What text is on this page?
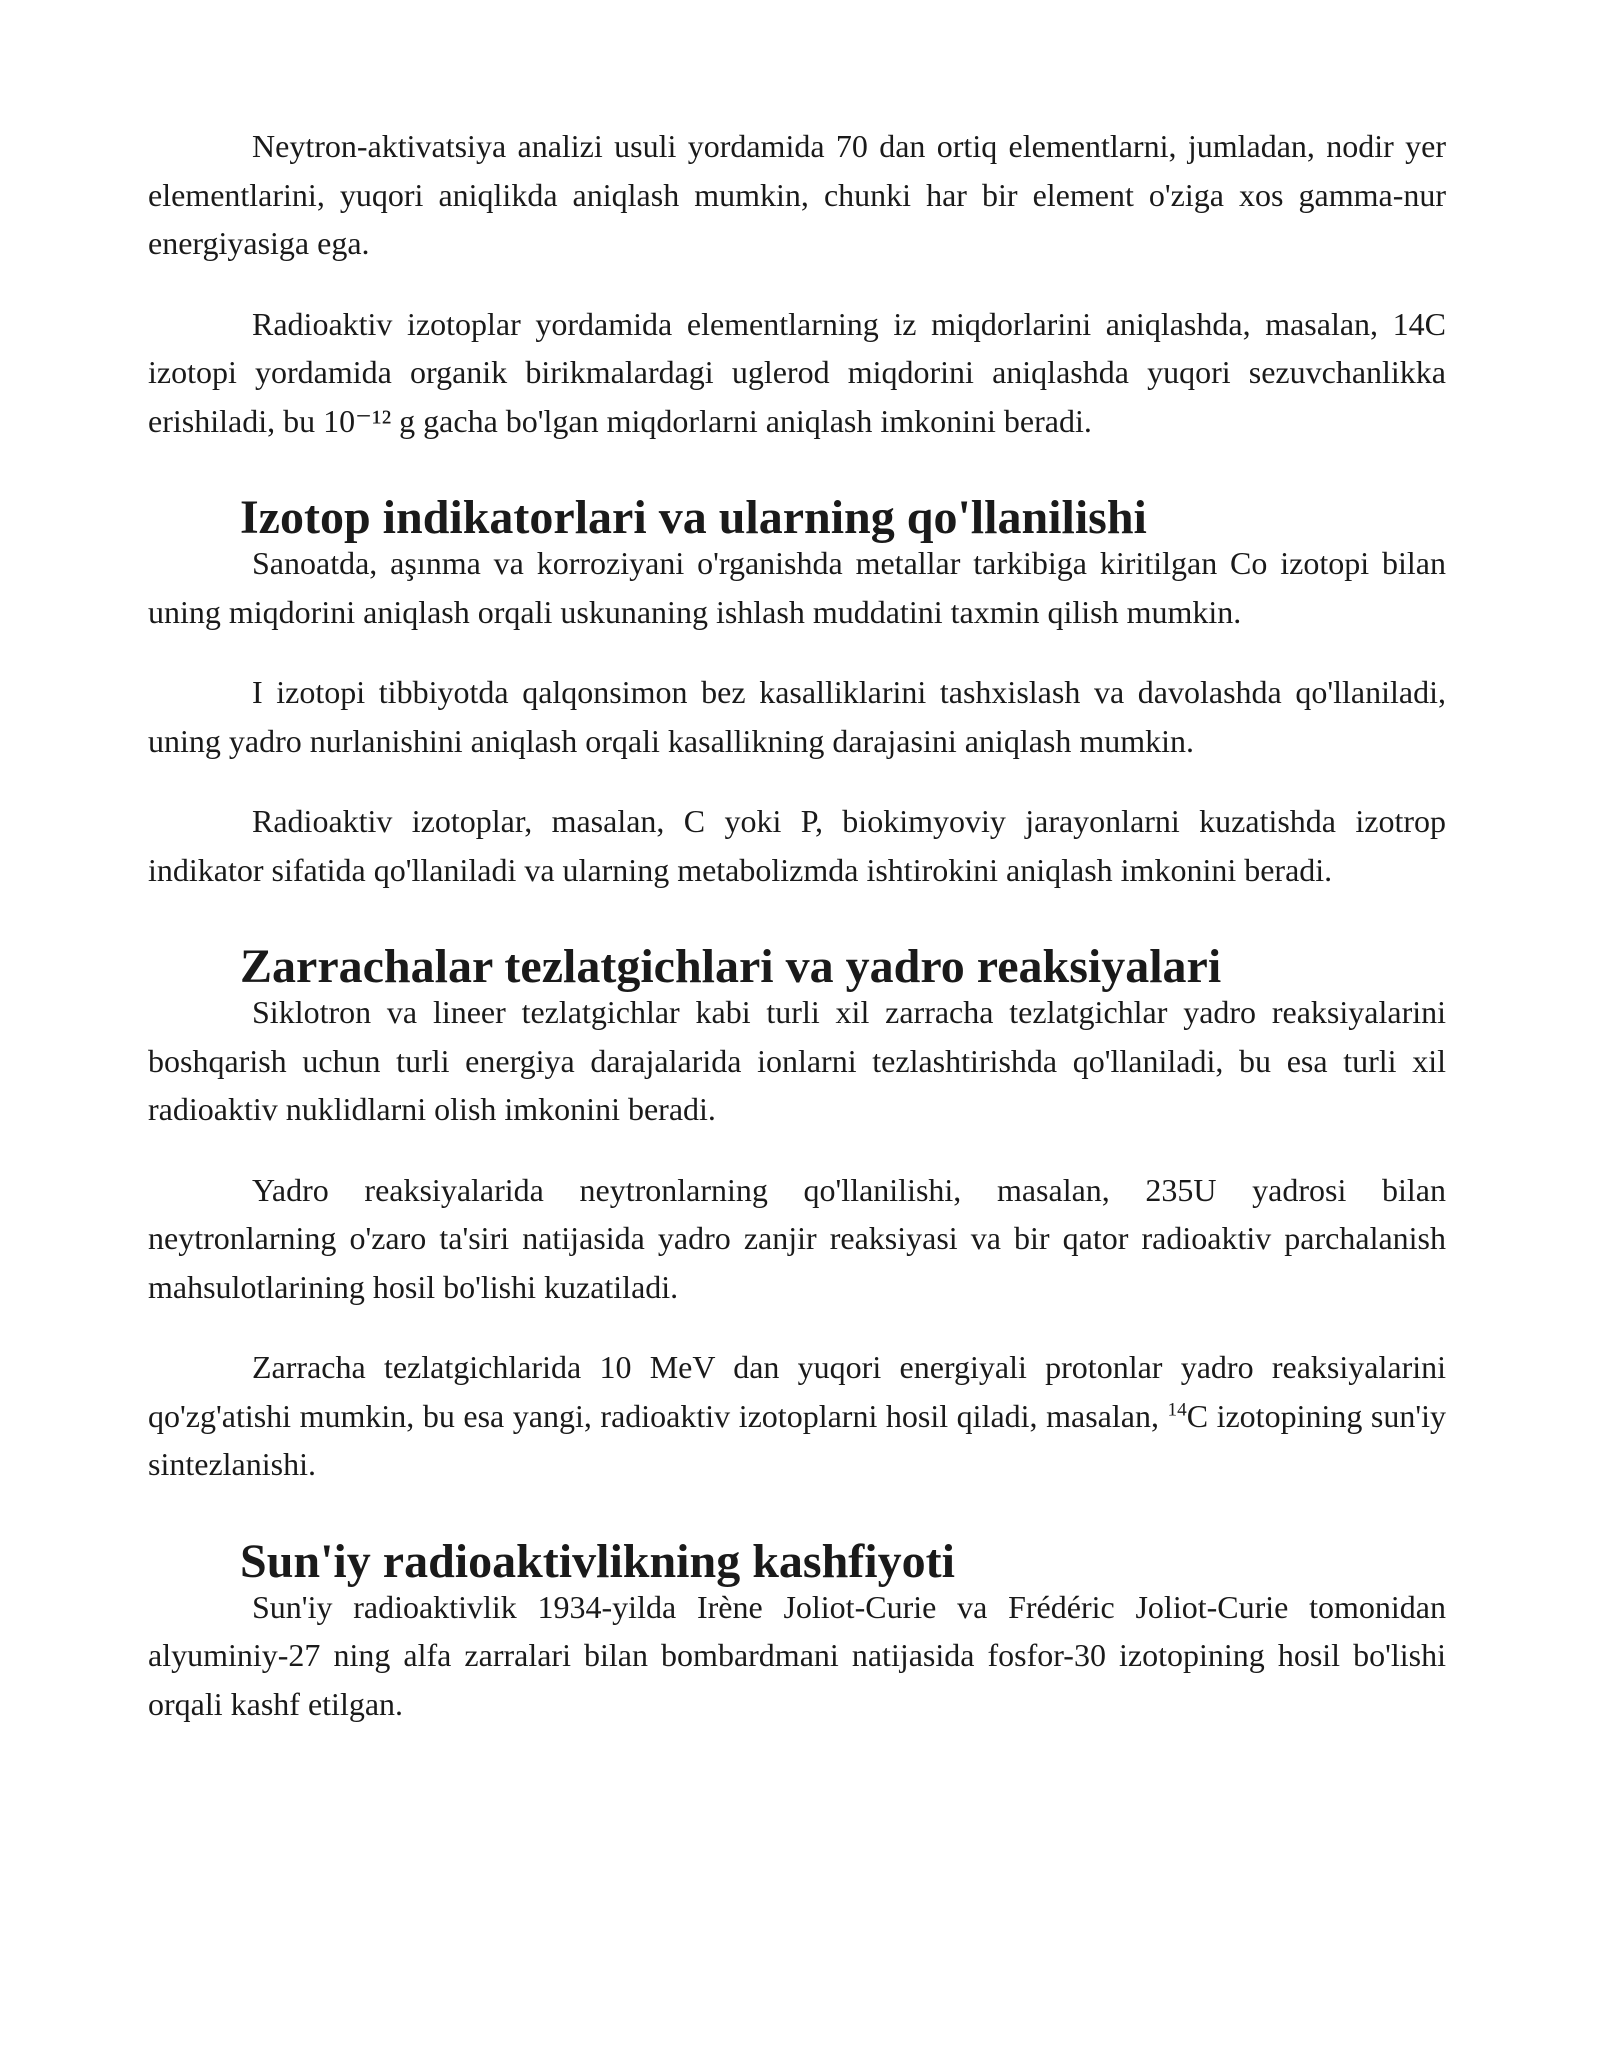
Neytron-aktivatsiya analizi usuli yordamida 70 dan ortiq elementlarni, jumladan, nodir yer elementlarini, yuqori aniqlikda aniqlash mumkin, chunki har bir element o'ziga xos gamma-nur energiyasiga ega.

Radioaktiv izotoplar yordamida elementlarning iz miqdorlarini aniqlashda, masalan, 14C izotopi yordamida organik birikmalardagi uglerod miqdorini aniqlashda yuqori sezuvchanlikka erishiladi, bu 10⁻¹² g gacha bo'lgan miqdorlarni aniqlash imkonini beradi.

Izotop indikatorlari va ularning qo'llanilishi

Sanoatda, aşınma va korroziyani o'rganishda metallar tarkibiga kiritilgan Co izotopi bilan uning miqdorini aniqlash orqali uskunaning ishlash muddatini taxmin qilish mumkin.

I izotopi tibbiyotda qalqonsimon bez kasalliklarini tashxislash va davolashda qo'llaniladi, uning yadro nurlanishini aniqlash orqali kasallikning darajasini aniqlash mumkin.

Radioaktiv izotoplar, masalan, C yoki P, biokimyoviy jarayonlarni kuzatishda izotrop indikator sifatida qo'llaniladi va ularning metabolizmda ishtirokini aniqlash imkonini beradi.

Zarrachalar tezlatgichlari va yadro reaksiyalari

Siklotron va lineer tezlatgichlar kabi turli xil zarracha tezlatgichlar yadro reaksiyalarini boshqarish uchun turli energiya darajalarida ionlarni tezlashtirishda qo'llaniladi, bu esa turli xil radioaktiv nuklidlarni olish imkonini beradi.

Yadro reaksiyalarida neytronlarning qo'llanilishi, masalan, 235U yadrosi bilan neytronlarning o'zaro ta'siri natijasida yadro zanjir reaksiyasi va bir qator radioaktiv parchalanish mahsulotlarining hosil bo'lishi kuzatiladi.

Zarracha tezlatgichlarida 10 MeV dan yuqori energiyali protonlar yadro reaksiyalarini qo'zg'atishi mumkin, bu esa yangi, radioaktiv izotoplarni hosil qiladi, masalan, $^{14}$C izotopining sun'iy sintezlanishi.

Sun'iy radioaktivlikning kashfiyoti

Sun'iy radioaktivlik 1934-yilda Irène Joliot-Curie va Frédéric Joliot-Curie tomonidan alyuminiy-27 ning alfa zarralari bilan bombardmani natijasida fosfor-30 izotopining hosil bo'lishi orqali kashf etilgan.
